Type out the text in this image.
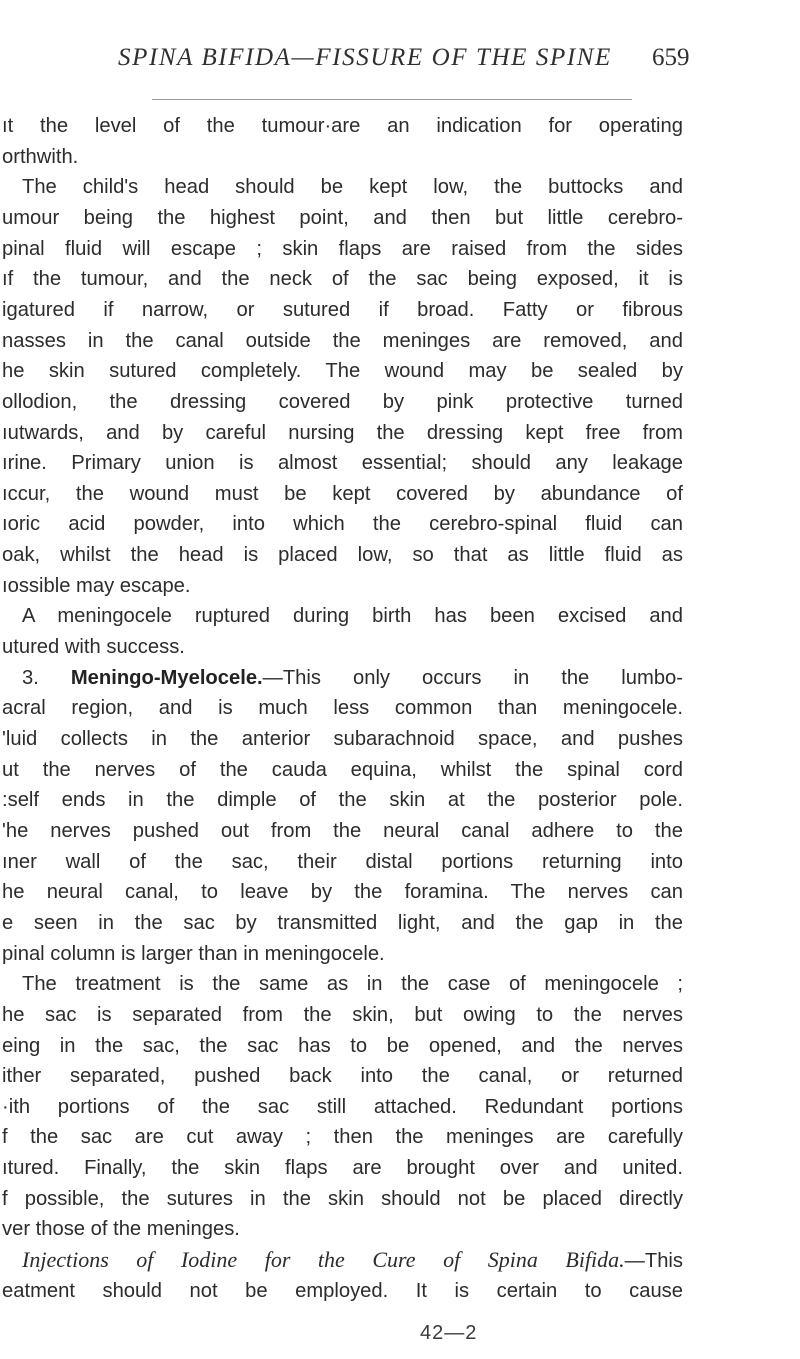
SPINA BIFIDA—FISSURE OF THE SPINE 659
ıt the level of the tumour·are an indication for operating
orthwith.
The child's head should be kept low, the buttocks and
umour being the highest point, and then but little cerebro-
pinal fluid will escape ; skin flaps are raised from the sides
ıf the tumour, and the neck of the sac being exposed, it is
igatured if narrow, or sutured if broad. Fatty or fibrous
nasses in the canal outside the meninges are removed, and
he skin sutured completely. The wound may be sealed by
ollodion, the dressing covered by pink protective turned
ıutwards, and by careful nursing the dressing kept free from
ırine. Primary union is almost essential; should any leakage
ıccur, the wound must be kept covered by abundance of
ıoric acid powder, into which the cerebro-spinal fluid can
oak, whilst the head is placed low, so that as little fluid as
ıossible may escape.
A meningocele ruptured during birth has been excised and
utured with success.
3. Meningo-Myelocele.—This only occurs in the lumbo-
acral region, and is much less common than meningocele.
'luid collects in the anterior subarachnoid space, and pushes
ut the nerves of the cauda equina, whilst the spinal cord
:self ends in the dimple of the skin at the posterior pole.
'he nerves pushed out from the neural canal adhere to the
ıner wall of the sac, their distal portions returning into
he neural canal, to leave by the foramina. The nerves can
e seen in the sac by transmitted light, and the gap in the
pinal column is larger than in meningocele.
The treatment is the same as in the case of meningocele ;
he sac is separated from the skin, but owing to the nerves
eing in the sac, the sac has to be opened, and the nerves
ither separated, pushed back into the canal, or returned
·ith portions of the sac still attached. Redundant portions
f the sac are cut away ; then the meninges are carefully
ıtured. Finally, the skin flaps are brought over and united.
f possible, the sutures in the skin should not be placed directly
ver those of the meninges.
Injections of Iodine for the Cure of Spina Bifida.—This
eatment should not be employed. It is certain to cause
42—2
